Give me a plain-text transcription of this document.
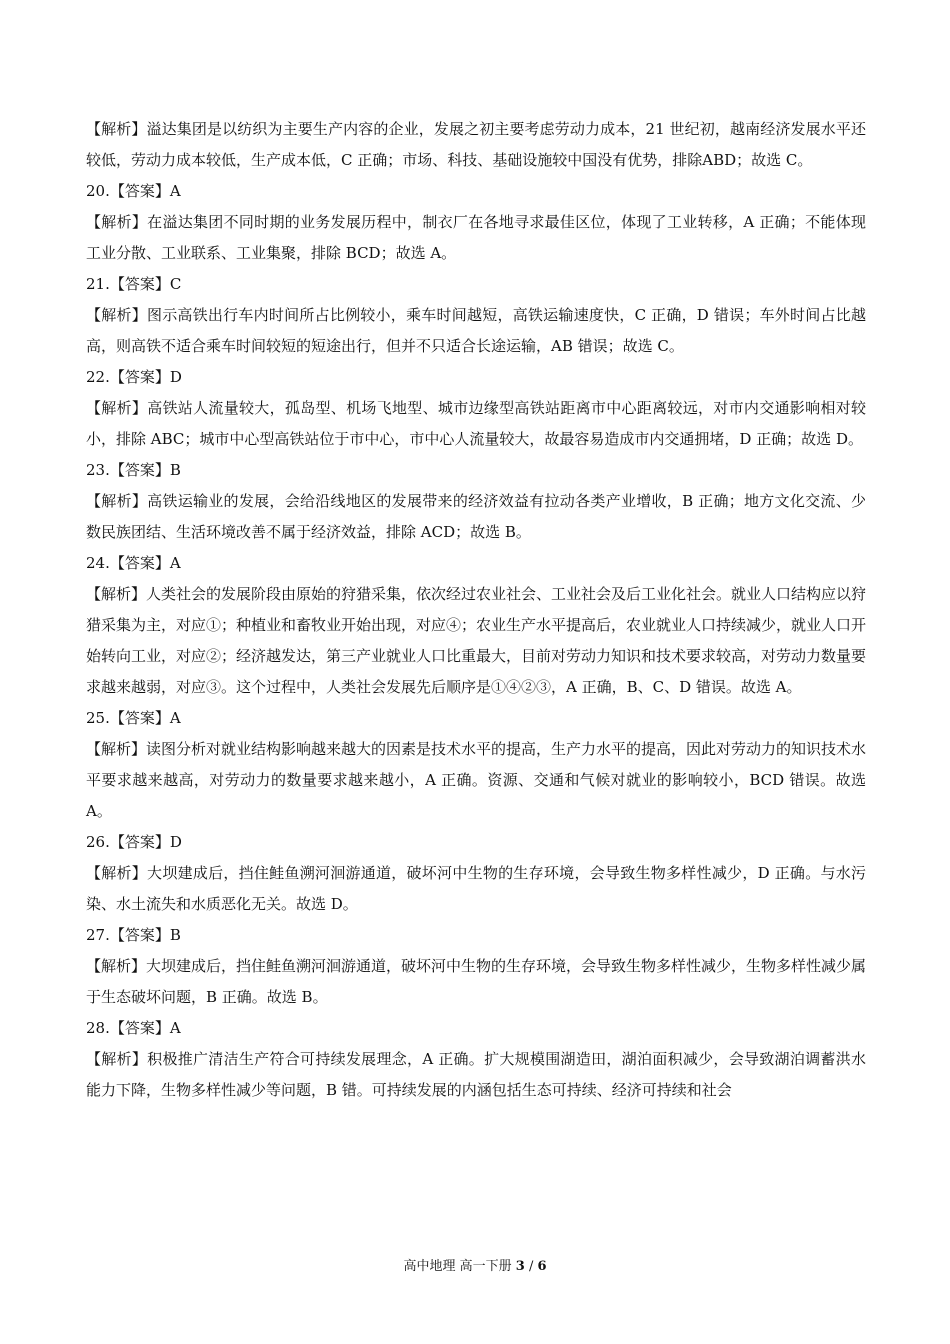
【解析】溢达集团是以纺织为主要生产内容的企业，发展之初主要考虑劳动力成本，21 世纪初，越南经济发展水平还较低，劳动力成本较低，生产成本低，C 正确；市场、科技、基础设施较中国没有优势，排除ABD；故选 C。

20.【答案】A

【解析】在溢达集团不同时期的业务发展历程中，制衣厂在各地寻求最佳区位，体现了工业转移，A 正确；不能体现工业分散、工业联系、工业集聚，排除 BCD；故选 A。

21.【答案】C

【解析】图示高铁出行车内时间所占比例较小，乘车时间越短，高铁运输速度快，C 正确，D 错误；车外时间占比越高，则高铁不适合乘车时间较短的短途出行，但并不只适合长途运输，AB 错误；故选 C。

22.【答案】D

【解析】高铁站人流量较大，孤岛型、机场飞地型、城市边缘型高铁站距离市中心距离较远，对市内交通影响相对较小，排除 ABC；城市中心型高铁站位于市中心，市中心人流量较大，故最容易造成市内交通拥堵，D 正确；故选 D。

23.【答案】B

【解析】高铁运输业的发展，会给沿线地区的发展带来的经济效益有拉动各类产业增收，B 正确；地方文化交流、少数民族团结、生活环境改善不属于经济效益，排除 ACD；故选 B。

24.【答案】A

【解析】人类社会的发展阶段由原始的狩猎采集，依次经过农业社会、工业社会及后工业化社会。就业人口结构应以狩猎采集为主，对应①；种植业和畜牧业开始出现，对应④；农业生产水平提高后，农业就业人口持续减少，就业人口开始转向工业，对应②；经济越发达，第三产业就业人口比重最大，目前对劳动力知识和技术要求较高，对劳动力数量要求越来越弱，对应③。这个过程中，人类社会发展先后顺序是①④②③，A 正确，B、C、D 错误。故选 A。

25.【答案】A

【解析】读图分析对就业结构影响越来越大的因素是技术水平的提高，生产力水平的提高，因此对劳动力的知识技术水平要求越来越高，对劳动力的数量要求越来越小，A 正确。资源、交通和气候对就业的影响较小，BCD 错误。故选 A。

26.【答案】D

【解析】大坝建成后，挡住鲑鱼溯河洄游通道，破坏河中生物的生存环境，会导致生物多样性减少，D 正确。与水污染、水土流失和水质恶化无关。故选 D。

27.【答案】B

【解析】大坝建成后，挡住鲑鱼溯河洄游通道，破坏河中生物的生存环境，会导致生物多样性减少，生物多样性减少属于生态破坏问题，B 正确。故选 B。

28.【答案】A

【解析】积极推广清洁生产符合可持续发展理念，A 正确。扩大规模围湖造田，湖泊面积减少，会导致湖泊调蓄洪水能力下降，生物多样性减少等问题，B 错。可持续发展的内涵包括生态可持续、经济可持续和社会

高中地理 高一下册 3 / 6
